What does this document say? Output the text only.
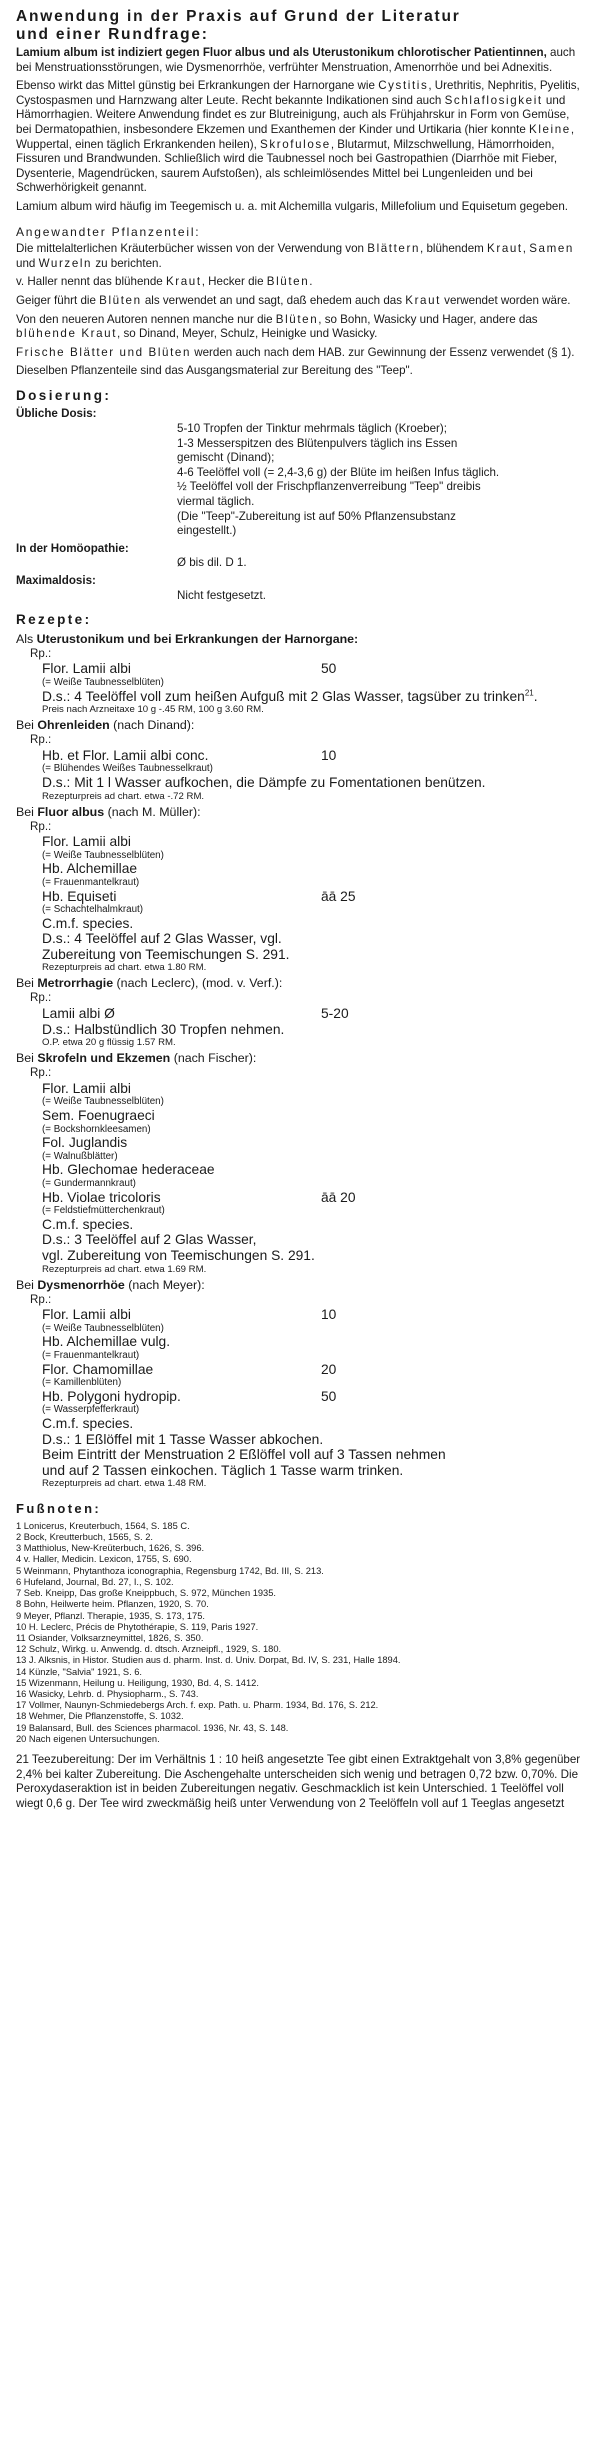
Anwendung in der Praxis auf Grund der Literatur
und einer Rundfrage:

Lamium album ist indiziert gegen Fluor albus und als Uterustonikum chlorotischer Patientinnen, auch bei Menstruationsstörungen, wie Dysmenorrhöe, verfrühter Menstruation, Amenorrhöe und bei Adnexitis.

Ebenso wirkt das Mittel günstig bei Erkrankungen der Harnorgane wie Cystitis, Urethritis, Nephritis, Pyelitis, Cystospasmen und Harnzwang alter Leute. Recht bekannte Indikationen sind auch Schlaflosigkeit und Hämorrhagien. Weitere Anwendung findet es zur Blutreinigung, auch als Frühjahrskur in Form von Gemüse, bei Dermatopathien, insbesondere Ekzemen und Exanthemen der Kinder und Urtikaria (hier konnte Kleine, Wuppertal, einen täglich Erkrankenden heilen), Skrofulose, Blutarmut, Milzschwellung, Hämorrhoiden, Fissuren und Brandwunden. Schließlich wird die Taubnessel noch bei Gastropathien (Diarrhöe mit Fieber, Dysenterie, Magendrücken, saurem Aufstoßen), als schleimlösendes Mittel bei Lungenleiden und bei Schwerhörigkeit genannt.

Lamium album wird häufig im Teegemisch u. a. mit Alchemilla vulgaris, Millefolium und Equisetum gegeben.

Angewandter Pflanzenteil:

Die mittelalterlichen Kräuterbücher wissen von der Verwendung von Blättern, blühendem Kraut, Samen und Wurzeln zu berichten.

v. Haller nennt das blühende Kraut, Hecker die Blüten.

Geiger führt die Blüten als verwendet an und sagt, daß ehedem auch das Kraut verwendet worden wäre.

Von den neueren Autoren nennen manche nur die Blüten, so Bohn, Wasicky und Hager, andere das blühende Kraut, so Dinand, Meyer, Schulz, Heinigke und Wasicky.

Frische Blätter und Blüten werden auch nach dem HAB. zur Gewinnung der Essenz verwendet (§ 1).

Dieselben Pflanzenteile sind das Ausgangsmaterial zur Bereitung des "Teep".

Dosierung:
Übliche Dosis:
5-10 Tropfen der Tinktur mehrmals täglich (Kroeber);
1-3 Messerspitzen des Blütenpulvers täglich ins Essen
gemischt (Dinand);
4-6 Teelöffel voll (= 2,4-3,6 g) der Blüte im heißen Infus täglich.
½ Teelöffel voll der Frischpflanzenverreibung "Teep" dreibis
viermal täglich.
(Die "Teep"-Zubereitung ist auf 50% Pflanzensubstanz
eingestellt.)
In der Homöopathie:
Ø bis dil. D 1.
Maximaldosis:
Nicht festgesetzt.
Rezepte:
Als Uterustonikum und bei Erkrankungen der Harnorgane:
Rp.:
Flor. Lamii albi	50
(= Weiße Taubnesselblüten)
D.s.: 4 Teelöffel voll zum heißen Aufguß mit 2 Glas Wasser, tagsüber zu trinken$^{21}$.
Preis nach Arzneitaxe 10 g -.45 RM, 100 g 3.60 RM.
Bei Ohrenleiden (nach Dinand):
Rp.:
Hb. et Flor. Lamii albi conc.	10
(= Blühendes Weißes Taubnesselkraut)
D.s.: Mit 1 l Wasser aufkochen, die Dämpfe zu Fomentationen benützen.
Rezepturpreis ad chart. etwa -.72 RM.
Bei Fluor albus (nach M. Müller):
Rp.:
Flor. Lamii albi
(= Weiße Taubnesselblüten)
Hb. Alchemillae
(= Frauenmantelkraut)
Hb. Equiseti	āā 25
(= Schachtelhalmkraut)
C.m.f. species.
D.s.: 4 Teelöffel auf 2 Glas Wasser, vgl.
Zubereitung von Teemischungen S. 291.
Rezepturpreis ad chart. etwa 1.80 RM.
Bei Metrorrhagie (nach Leclerc), (mod. v. Verf.):
Rp.:
Lamii albi Ø	5-20
D.s.: Halbstündlich 30 Tropfen nehmen.
O.P. etwa 20 g flüssig 1.57 RM.
Bei Skrofeln und Ekzemen (nach Fischer):
Rp.:
Flor. Lamii albi
(= Weiße Taubnesselblüten)
Sem. Foenugraeci
(= Bockshornkleesamen)
Fol. Juglandis
(= Walnußblätter)
Hb. Glechomae hederaceae
(= Gundermannkraut)
Hb. Violae tricoloris	āā 20
(= Feldstiefmütterchenkraut)
C.m.f. species.
D.s.: 3 Teelöffel auf 2 Glas Wasser,
vgl. Zubereitung von Teemischungen S. 291.
Rezepturpreis ad chart. etwa 1.69 RM.
Bei Dysmenorrhöe (nach Meyer):
Rp.:
Flor. Lamii albi	10
(= Weiße Taubnesselblüten)
Hb. Alchemillae vulg.
(= Frauenmantelkraut)
Flor. Chamomillae	20
(= Kamillenblüten)
Hb. Polygoni hydropip.	50
(= Wasserpfefferkraut)
C.m.f. species.
D.s.: 1 Eßlöffel mit 1 Tasse Wasser abkochen.
Beim Eintritt der Menstruation 2 Eßlöffel voll auf 3 Tassen nehmen
und auf 2 Tassen einkochen. Täglich 1 Tasse warm trinken.
Rezepturpreis ad chart. etwa 1.48 RM.
Fußnoten:
1 Lonicerus, Kreuterbuch, 1564, S. 185 C.
2 Bock, Kreutterbuch, 1565, S. 2.
3 Matthiolus, New-Kreüterbuch, 1626, S. 396.
4 v. Haller, Medicin. Lexicon, 1755, S. 690.
5 Weinmann, Phytanthoza iconographia, Regensburg 1742, Bd. III, S. 213.
6 Hufeland, Journal, Bd. 27, I., S. 102.
7 Seb. Kneipp, Das große Kneippbuch, S. 972, München 1935.
8 Bohn, Heilwerte heim. Pflanzen, 1920, S. 70.
9 Meyer, Pflanzl. Therapie, 1935, S. 173, 175.
10 H. Leclerc, Précis de Phytothérapie, S. 119, Paris 1927.
11 Osiander, Volksarzneymittel, 1826, S. 350.
12 Schulz, Wirkg. u. Anwendg. d. dtsch. Arzneipfl., 1929, S. 180.
13 J. Alksnis, in Histor. Studien aus d. pharm. Inst. d. Univ. Dorpat, Bd. IV, S. 231, Halle 1894.
14 Künzle, "Salvia" 1921, S. 6.
15 Wizenmann, Heilung u. Heiligung, 1930, Bd. 4, S. 1412.
16 Wasicky, Lehrb. d. Physiopharm., S. 743.
17 Vollmer, Naunyn-Schmiedebergs Arch. f. exp. Path. u. Pharm. 1934, Bd. 176, S. 212.
18 Wehmer, Die Pflanzenstoffe, S. 1032.
19 Balansard, Bull. des Sciences pharmacol. 1936, Nr. 43, S. 148.
20 Nach eigenen Untersuchungen.

21 Teezubereitung: Der im Verhältnis 1 : 10 heiß angesetzte Tee gibt einen Extraktgehalt von 3,8% gegenüber 2,4% bei kalter Zubereitung. Die Aschengehalte unterscheiden sich wenig und betragen 0,72 bzw. 0,70%. Die Peroxydaseraktion ist in beiden Zubereitungen negativ. Geschmacklich ist kein Unterschied. 1 Teelöffel voll wiegt 0,6 g. Der Tee wird zweckmäßig heiß unter Verwendung von 2 Teelöffeln voll auf 1 Teeglas angesetzt
